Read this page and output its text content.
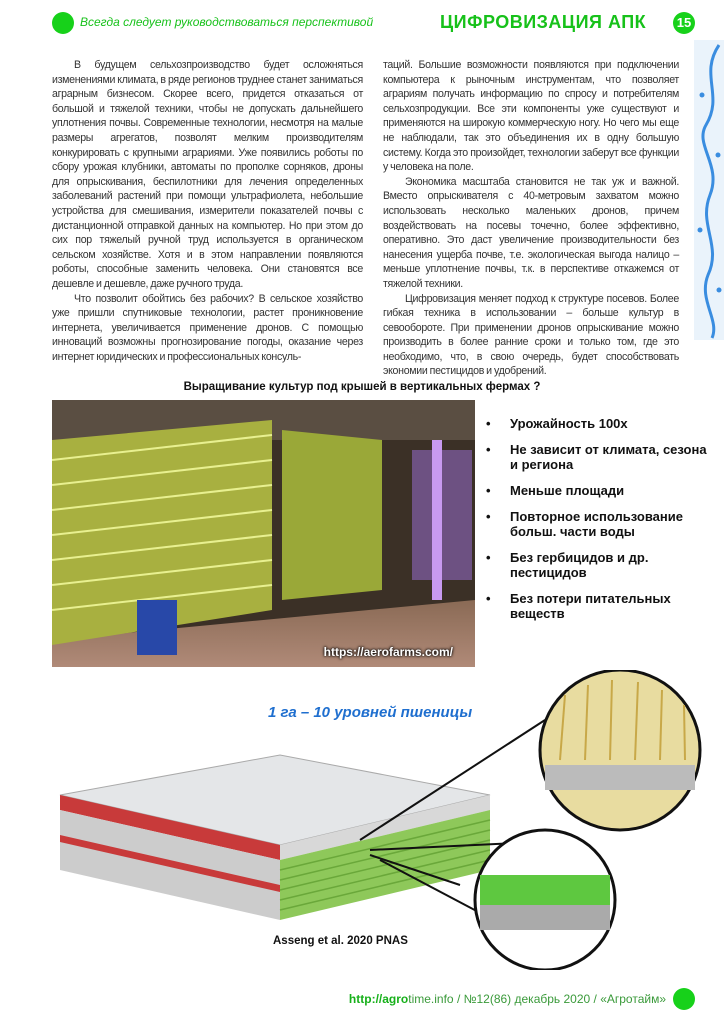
Всегда следует руководствоваться перспективой	ЦИФРОВИЗАЦИЯ АПК 15

В будущем сельхозпроизводство будет осложняться изменениями климата, в ряде регионов труднее станет заниматься аграрным бизнесом. Скорее всего, придется отказаться от большой и тяжелой техники, чтобы не допускать дальнейшего уплотнения почвы. Современные технологии, несмотря на малые размеры агрегатов, позволят мелким производителям конкурировать с крупными аграриями. Уже появились роботы по сбору урожая клубники, автоматы по прополке сорняков, дроны для опрыскивания, беспилотники для лечения определенных заболеваний растений при помощи ультрафиолета, небольшие устройства для смешивания, измерители показателей почвы с дистанционной отправкой данных на компьютер. Но при этом до сих пор тяжелый ручной труд используется в органическом сельском хозяйстве. Хотя и в этом направлении появляются роботы, способные заменить человека. Они становятся все дешевле и дешевле, даже ручного труда.

Что позволит обойтись без рабочих? В сельское хозяйство уже пришли спутниковые технологии, растет проникновение интернета, увеличивается применение дронов. С помощью инноваций возможны прогнозирование погоды, оказание через интернет юридических и профессиональных консуль-

таций. Большие возможности появляются при подключении компьютера к рыночным инструментам, что позволяет аграриям получать информацию по спросу и потребителям сельхозпродукции. Все эти компоненты уже существуют и применяются на широкую коммерческую ногу. Но чего мы еще не наблюдали, так это объединения их в одну большую систему. Когда это произойдет, технологии заберут все функции у человека на поле.

Экономика масштаба становится не так уж и важной. Вместо опрыскивателя с 40-метровым захватом можно использовать несколько маленьких дронов, причем воздействовать на посевы точечно, более эффективно, оперативно. Это даст увеличение производительности без нанесения ущерба почве, т.е. экологическая выгода налицо – меньше уплотнение почвы, т.к. в перспективе откажемся от тяжелой техники.

Цифровизация меняет подход к структуре посевов. Более гибкая техника в использовании – больше культур в севообороте. При применении дронов опрыскивание можно производить в более ранние сроки и только том, где это необходимо, что, в свою очередь, будет способствовать экономии пестицидов и удобрений.

Выращивание культур под крышей в вертикальных фермах ?
https://aerofarms.com/
• Урожайность 100х
• Не зависит от климата, сезона и региона
• Меньше площади
• Повторное использование больш. части воды
• Без гербицидов и др. пестицидов
• Без потери питательных веществ
1 га – 10 уровней пшеницы
Asseng et al. 2020 PNAS
http://agrotime.info / №12(86) декабрь 2020 / «Агротайм»
